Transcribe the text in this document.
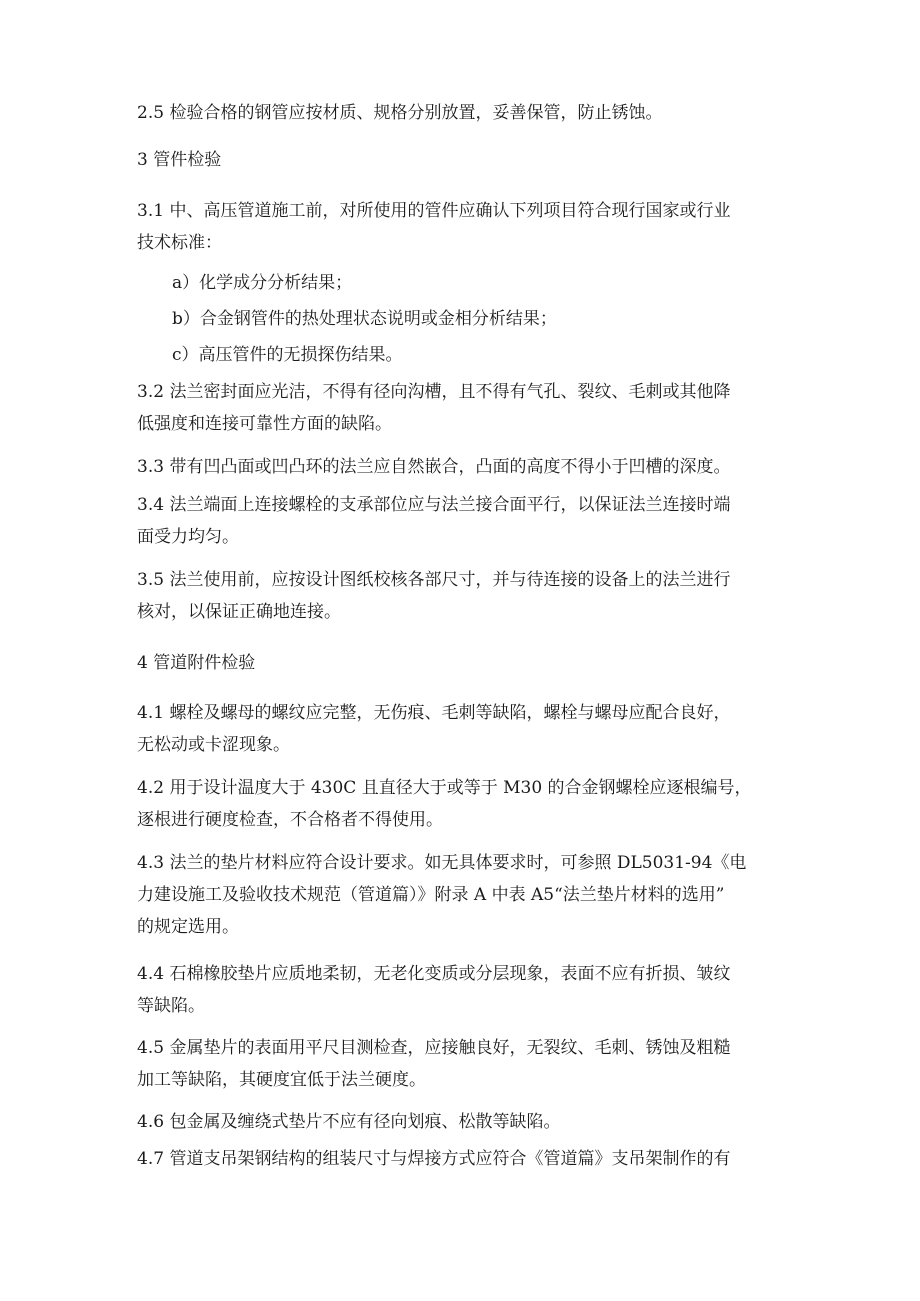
2.5 检验合格的钢管应按材质、规格分别放置，妥善保管，防止锈蚀。
3 管件检验
3.1 中、高压管道施工前，对所使用的管件应确认下列项目符合现行国家或行业
技术标准：
a）化学成分分析结果；
b）合金钢管件的热处理状态说明或金相分析结果；
c）高压管件的无损探伤结果。
3.2 法兰密封面应光洁，不得有径向沟槽，且不得有气孔、裂纹、毛刺或其他降
低强度和连接可靠性方面的缺陷。
3.3 带有凹凸面或凹凸环的法兰应自然嵌合，凸面的高度不得小于凹槽的深度。
3.4 法兰端面上连接螺栓的支承部位应与法兰接合面平行，以保证法兰连接时端
面受力均匀。
3.5 法兰使用前，应按设计图纸校核各部尺寸，并与待连接的设备上的法兰进行
核对，以保证正确地连接。
4 管道附件检验
4.1 螺栓及螺母的螺纹应完整，无伤痕、毛刺等缺陷，螺栓与螺母应配合良好，
无松动或卡涩现象。
4.2 用于设计温度大于 430C 且直径大于或等于 M30 的合金钢螺栓应逐根编号，
逐根进行硬度检查，不合格者不得使用。
4.3 法兰的垫片材料应符合设计要求。如无具体要求时，可参照 DL5031-94《电
力建设施工及验收技术规范（管道篇）》附录 A 中表 A5“法兰垫片材料的选用”
的规定选用。
4.4 石棉橡胶垫片应质地柔韧，无老化变质或分层现象，表面不应有折损、皱纹
等缺陷。
4.5 金属垫片的表面用平尺目测检查，应接触良好，无裂纹、毛刺、锈蚀及粗糙
加工等缺陷，其硬度宜低于法兰硬度。
4.6 包金属及缠绕式垫片不应有径向划痕、松散等缺陷。
4.7 管道支吊架钢结构的组装尺寸与焊接方式应符合《管道篇》支吊架制作的有
